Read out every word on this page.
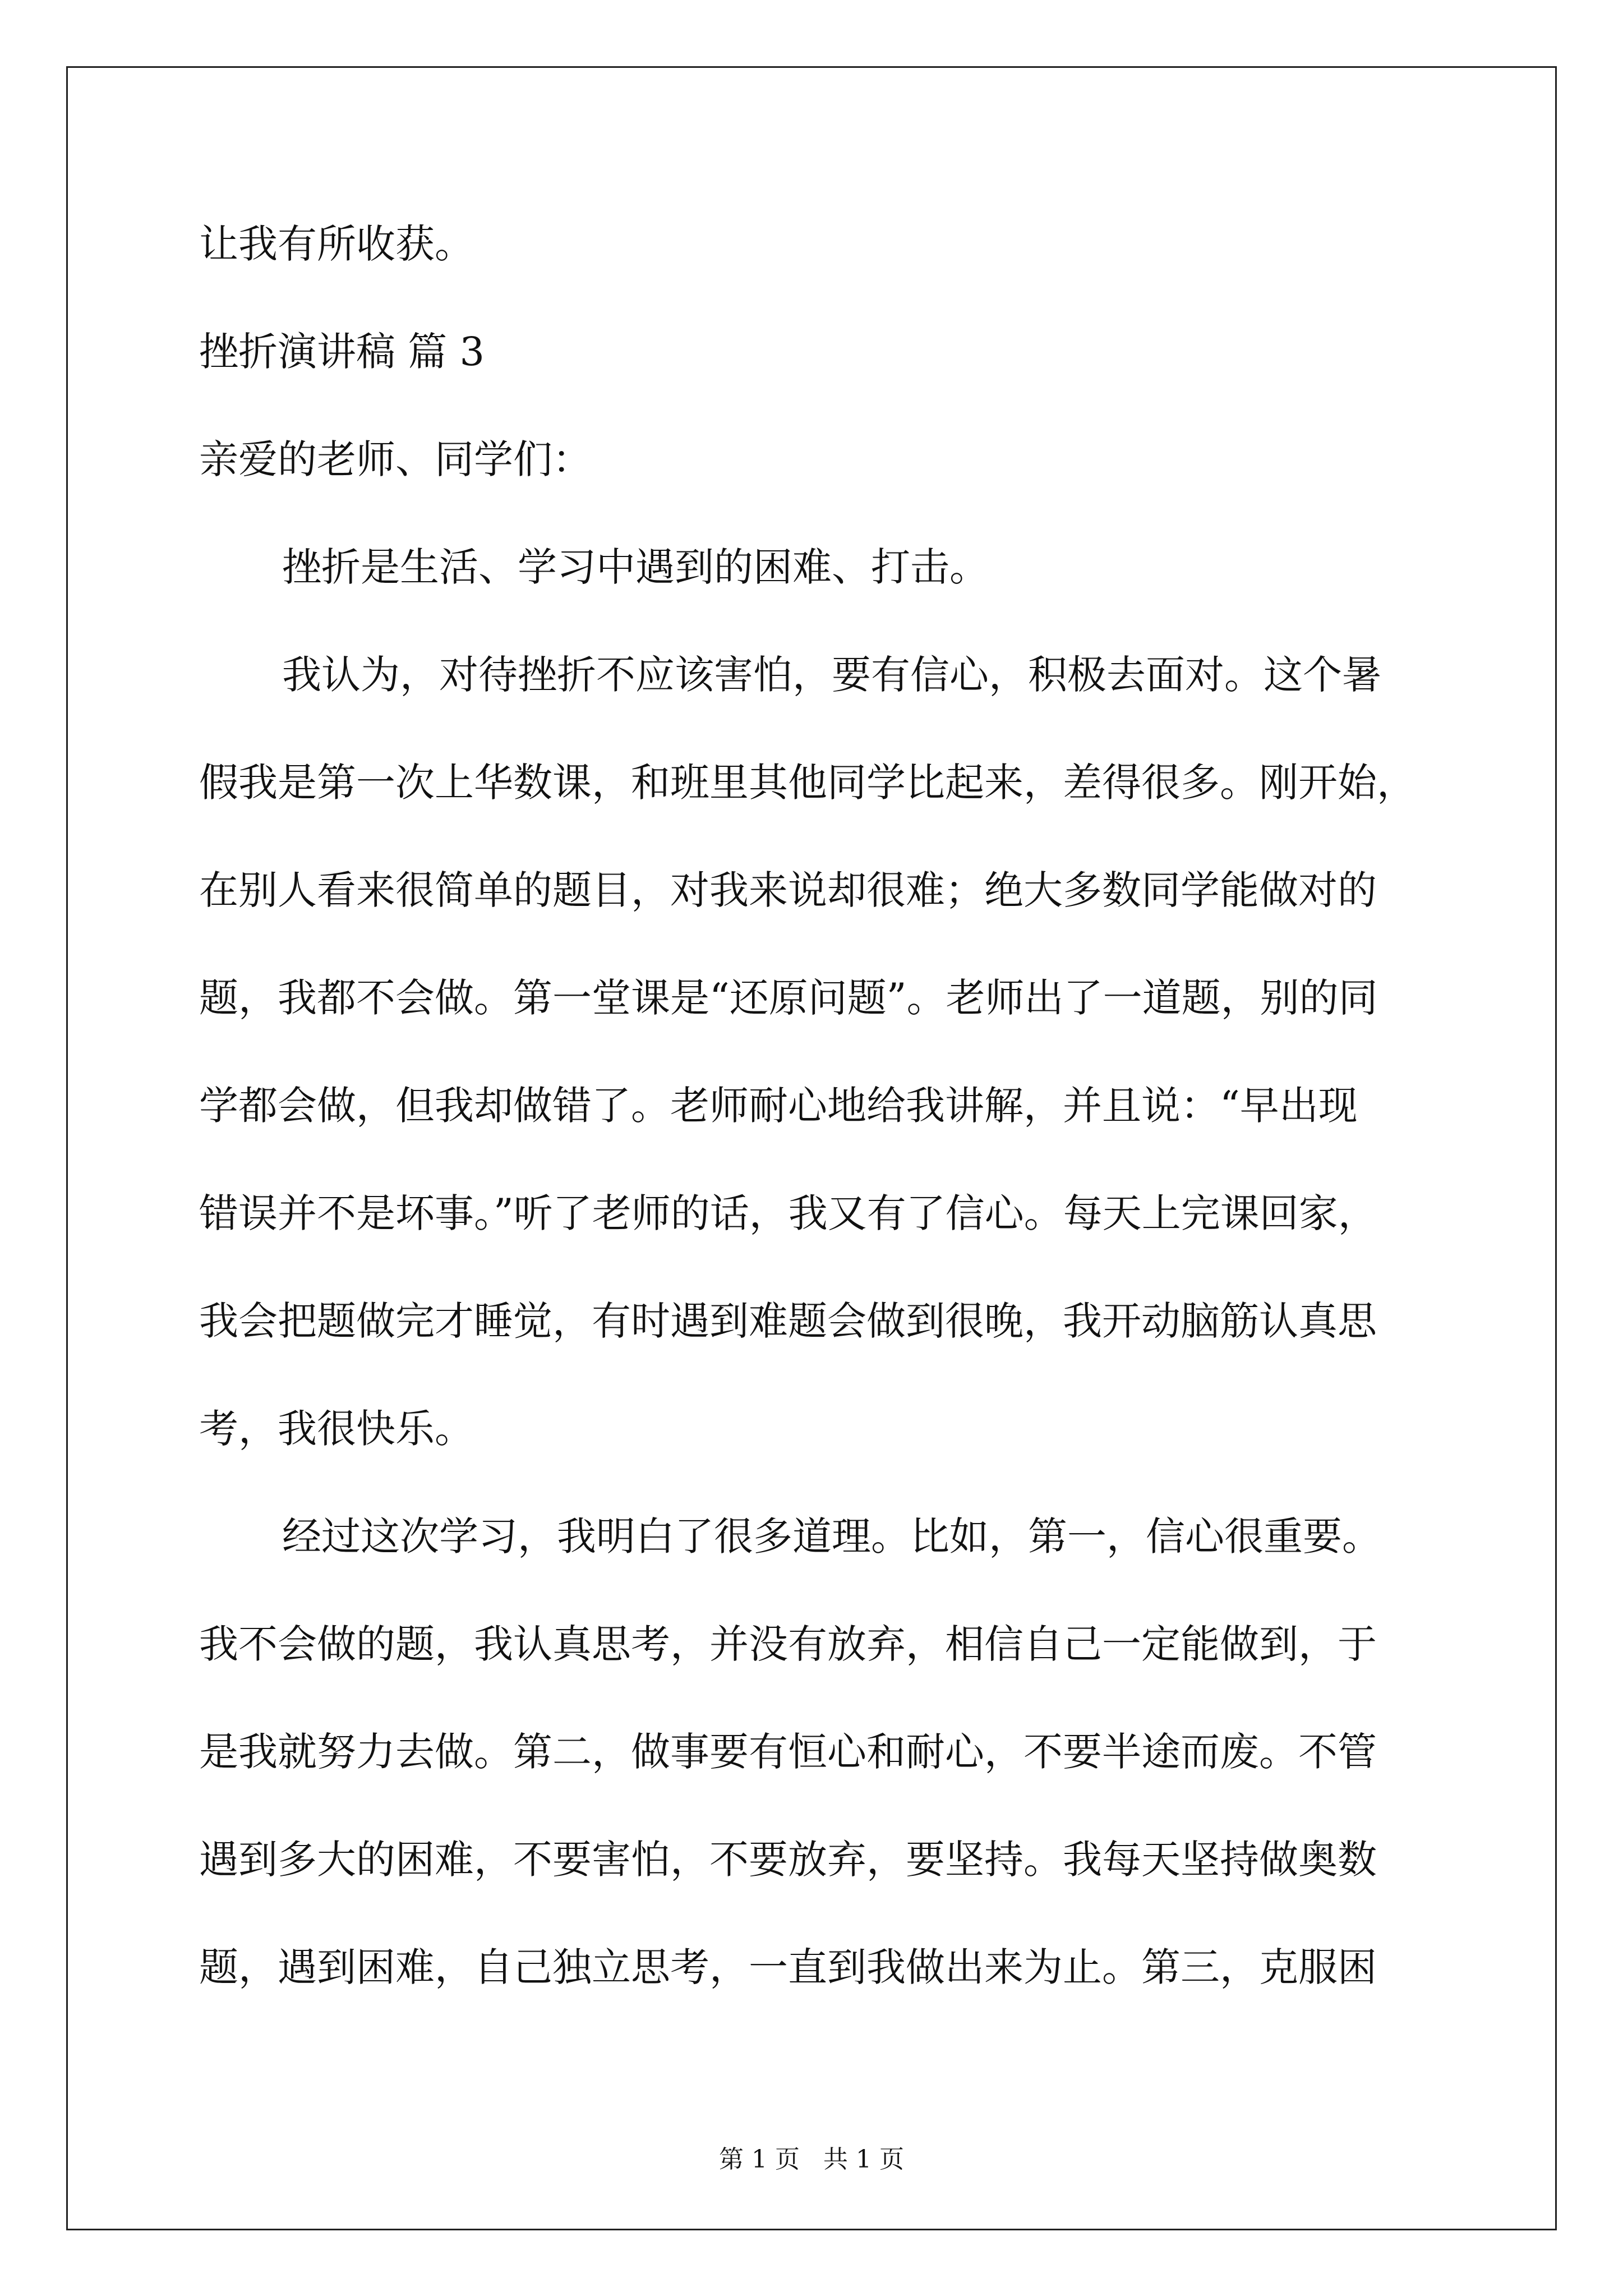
让我有所收获。
挫折演讲稿 篇 3
亲爱的老师、同学们：
挫折是生活、学习中遇到的困难、打击。
我认为，对待挫折不应该害怕，要有信心，积极去面对。这个暑
假我是第一次上华数课，和班里其他同学比起来，差得很多。刚开始，
在别人看来很简单的题目，对我来说却很难；绝大多数同学能做对的
题，我都不会做。第一堂课是“还原问题”。老师出了一道题，别的同
学都会做，但我却做错了。老师耐心地给我讲解，并且说：“早出现
错误并不是坏事。”听了老师的话，我又有了信心。每天上完课回家，
我会把题做完才睡觉，有时遇到难题会做到很晚，我开动脑筋认真思
考，我很快乐。
经过这次学习，我明白了很多道理。比如，第一，信心很重要。
我不会做的题，我认真思考，并没有放弃，相信自己一定能做到，于
是我就努力去做。第二，做事要有恒心和耐心，不要半途而废。不管
遇到多大的困难，不要害怕，不要放弃，要坚持。我每天坚持做奥数
题，遇到困难，自己独立思考，一直到我做出来为止。第三，克服困
第 1 页   共 1 页
